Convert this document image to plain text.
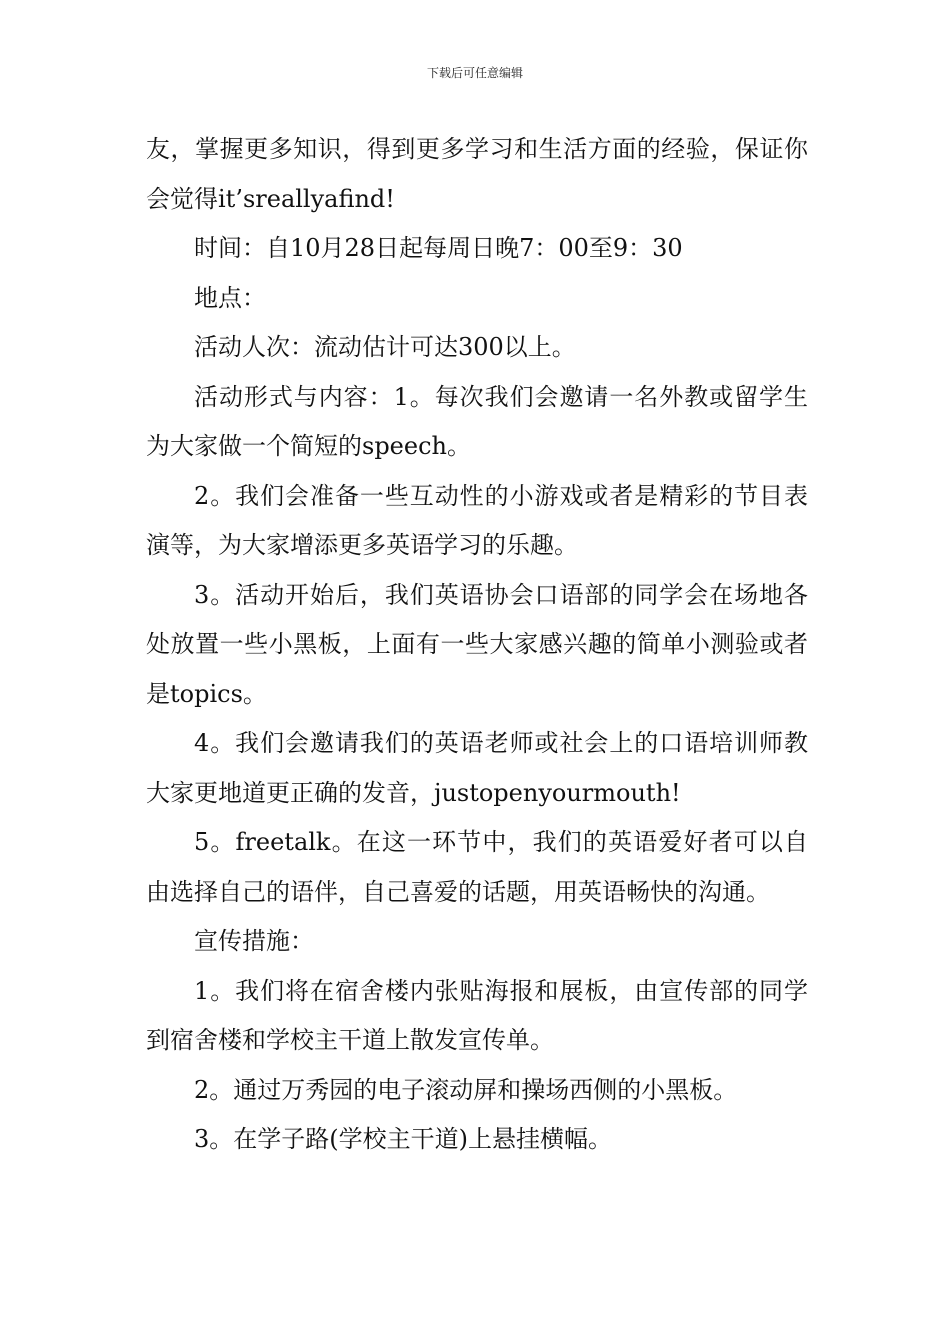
下载后可任意编辑

友，掌握更多知识，得到更多学习和生活方面的经验，保证你会觉得it’sreallyafind!

时间：自10月28日起每周日晚7：00至9：30

地点：

活动人次：流动估计可达300以上。

活动形式与内容：1。每次我们会邀请一名外教或留学生为大家做一个简短的speech。

2。我们会准备一些互动性的小游戏或者是精彩的节目表演等，为大家增添更多英语学习的乐趣。

3。活动开始后，我们英语协会口语部的同学会在场地各处放置一些小黑板，上面有一些大家感兴趣的简单小测验或者是topics。

4。我们会邀请我们的英语老师或社会上的口语培训师教大家更地道更正确的发音，justopenyourmouth!

5。freetalk。在这一环节中，我们的英语爱好者可以自由选择自己的语伴，自己喜爱的话题，用英语畅快的沟通。

宣传措施：

1。我们将在宿舍楼内张贴海报和展板，由宣传部的同学到宿舍楼和学校主干道上散发宣传单。

2。通过万秀园的电子滚动屏和操场西侧的小黑板。

3。在学子路(学校主干道)上悬挂横幅。
